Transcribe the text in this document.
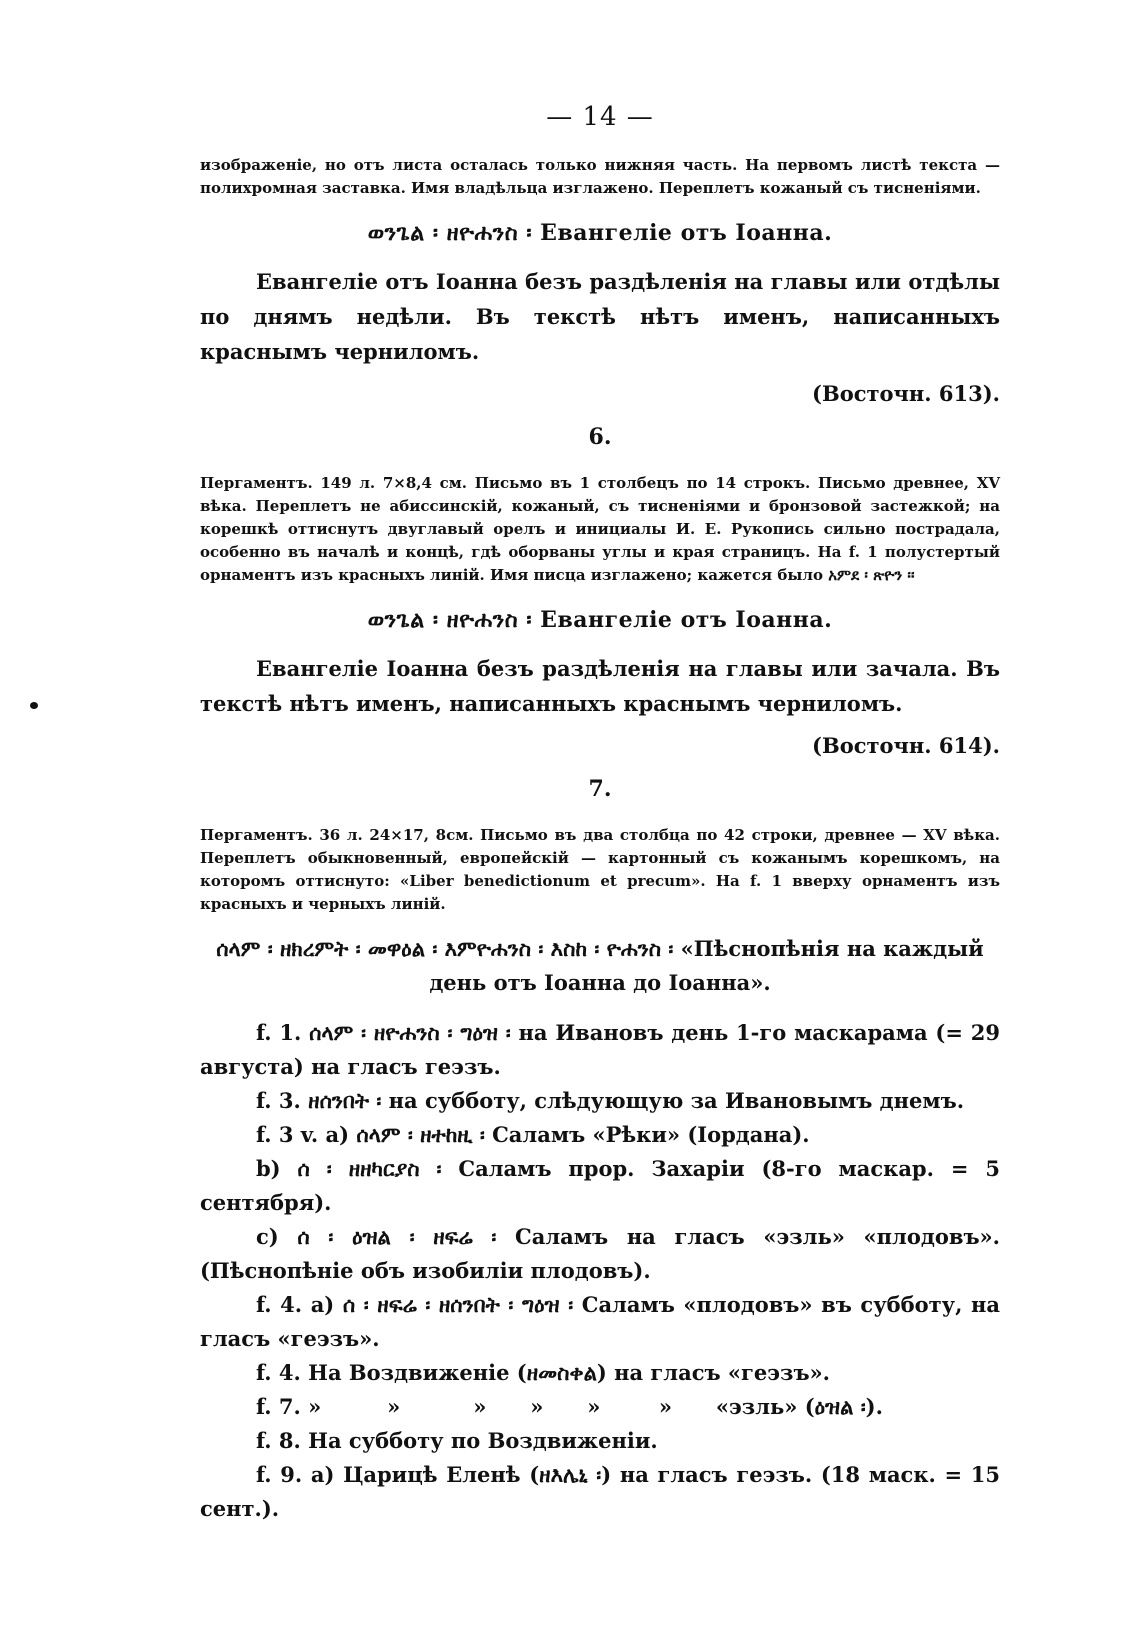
— 14 —

изображеніе, но отъ листа осталась только нижняя часть. На первомъ листѣ текста — полихромная заставка. Имя владѣльца изглажено. Переплетъ кожаный съ тисненіями.

ወንጌል ፡ ዘዮሐንስ ፡ Евангеліе отъ Іоанна.

Евангеліе отъ Іоанна безъ раздѣленія на главы или отдѣлы по днямъ недѣли. Въ текстѣ нѣтъ именъ, написанныхъ краснымъ черниломъ.

(Восточн. 613).
6.

Пергаментъ. 149 л. 7×8,4 см. Письмо въ 1 столбецъ по 14 строкъ. Письмо древнее, XV вѣка. Переплетъ не абиссинскій, кожаный, съ тисненіями и бронзовой застежкой; на корешкѣ оттиснутъ двуглавый орелъ и инициалы И. Е. Рукопись сильно пострадала, особенно въ началѣ и концѣ, гдѣ оборваны углы и края страницъ. На f. 1 полустертый орнаментъ изъ красныхъ линій. Имя писца изглажено; кажется было አምደ ፡ ጽዮን ፡፡

ወንጌል ፡ ዘዮሐንስ ፡ Евангеліе отъ Іоанна.

Евангеліе Іоанна безъ раздѣленія на главы или зачала. Въ текстѣ нѣтъ именъ, написанныхъ краснымъ черниломъ.

(Восточн. 614).
7.

Пергаментъ. 36 л. 24×17, 8см. Письмо въ два столбца по 42 строки, древнее — XV вѣка. Переплетъ обыкновенный, европейскій — картонный съ кожанымъ корешкомъ, на которомъ оттиснуто: «Liber benedictionum et precum». На f. 1 вверху орнаментъ изъ красныхъ и черныхъ линій.

ሰላም ፡ ዘክረምት ፡ መዋዕል ፡ እምዮሐንስ ፡ እስከ ፡ ዮሐንስ ፡ «Пѣснопѣнія на каждый день отъ Іоанна до Іоанна».

f. 1. ሰላም ፡ ዘዮሐንስ ፡ ግዕዝ ፡ на Ивановъ день 1-го маскарама (= 29 августа) на гласъ геэзъ.

f. 3. ዘሰንበት ፡ на субботу, слѣдующую за Ивановымъ днемъ.

f. 3 v. a) ሰላም ፡ ዘተከዚ ፡ Саламъ «Рѣки» (Іордана).

b) ሰ ፡ ዘዘካርያስ ፡ Саламъ прор. Захаріи (8-го маскар. = 5 сентября).

c) ሰ ፡ ዕዝል ፡ ዘፍሬ ፡ Саламъ на гласъ «эзль» «плодовъ». (Пѣснопѣніе объ изобиліи плодовъ).

f. 4. a) ሰ ፡ ዘፍሬ ፡ ዘሰንበት ፡ ግዕዝ ፡ Саламъ «плодовъ» въ субботу, на гласъ «геэзъ».

f. 4. На Воздвиженіе (ዘመስቀል) на гласъ «геэзъ».

f. 7. »         »          »      »      »        »      «эзль» (ዕዝል ፡).

f. 8. На субботу по Воздвиженіи.

f. 9. a) Царицѣ Еленѣ (ዘእሌኒ ፡) на гласъ геэзъ. (18 маск. = 15 сент.).
